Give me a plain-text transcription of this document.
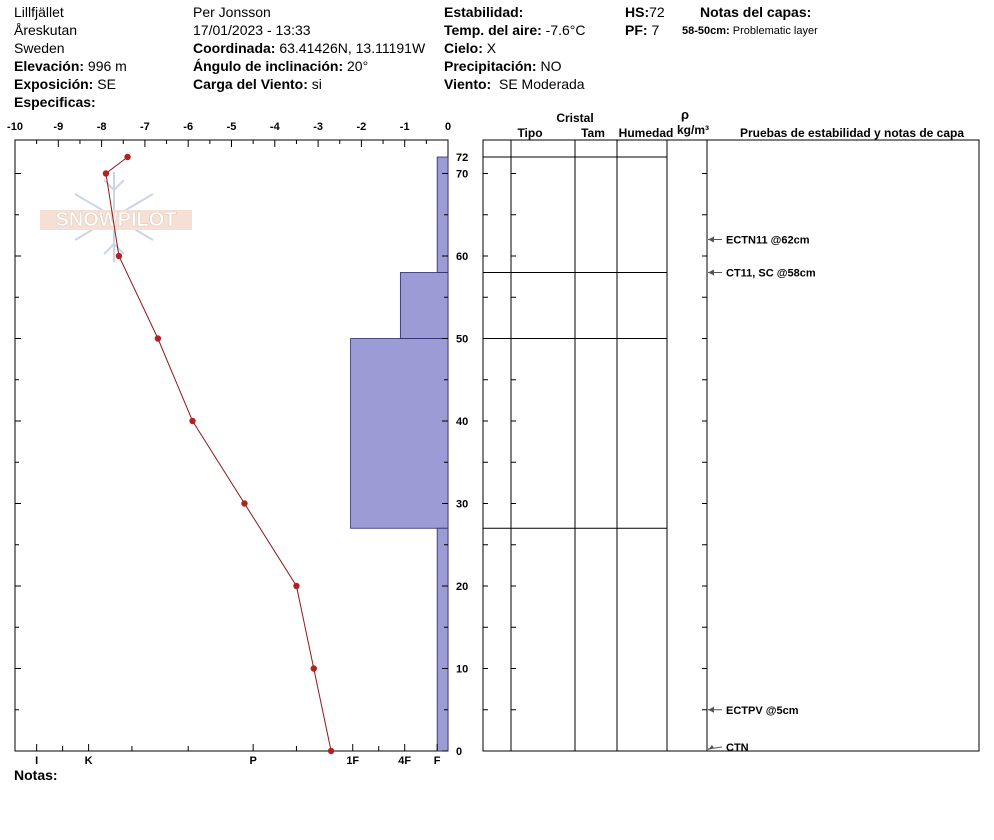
Lillfjället
Åreskutan
Sweden
Elevación: 996 m
Exposición: SE
Especificas:
Per Jonsson
17/01/2023 - 13:33
Coordinada: 63.41426N, 13.11191W
Ángulo de inclinación: 20°
Carga del Viento: si
Estabilidad:
Temp. del aire: -7.6°C
Cielo: X
Precipitación: NO
Viento: SE Moderada
HS:72
PF: 7
Notas del capas:
58-50cm: Problematic layer
Notas:
SNOWPILOT
-10	-9	-8	-7	-6	-5	-4	-3	-2	-1	0
0
10
20
30
40
50
60
70
72
I	K	P	1F	4F F
ECTN11 @62cm
CT11, SC @58cm
ECTPV @5cm
CTN
Cristal
Tipo	Tam Humedad
ρ
kg/m³	Pruebas de estabilidad y notas de capa
